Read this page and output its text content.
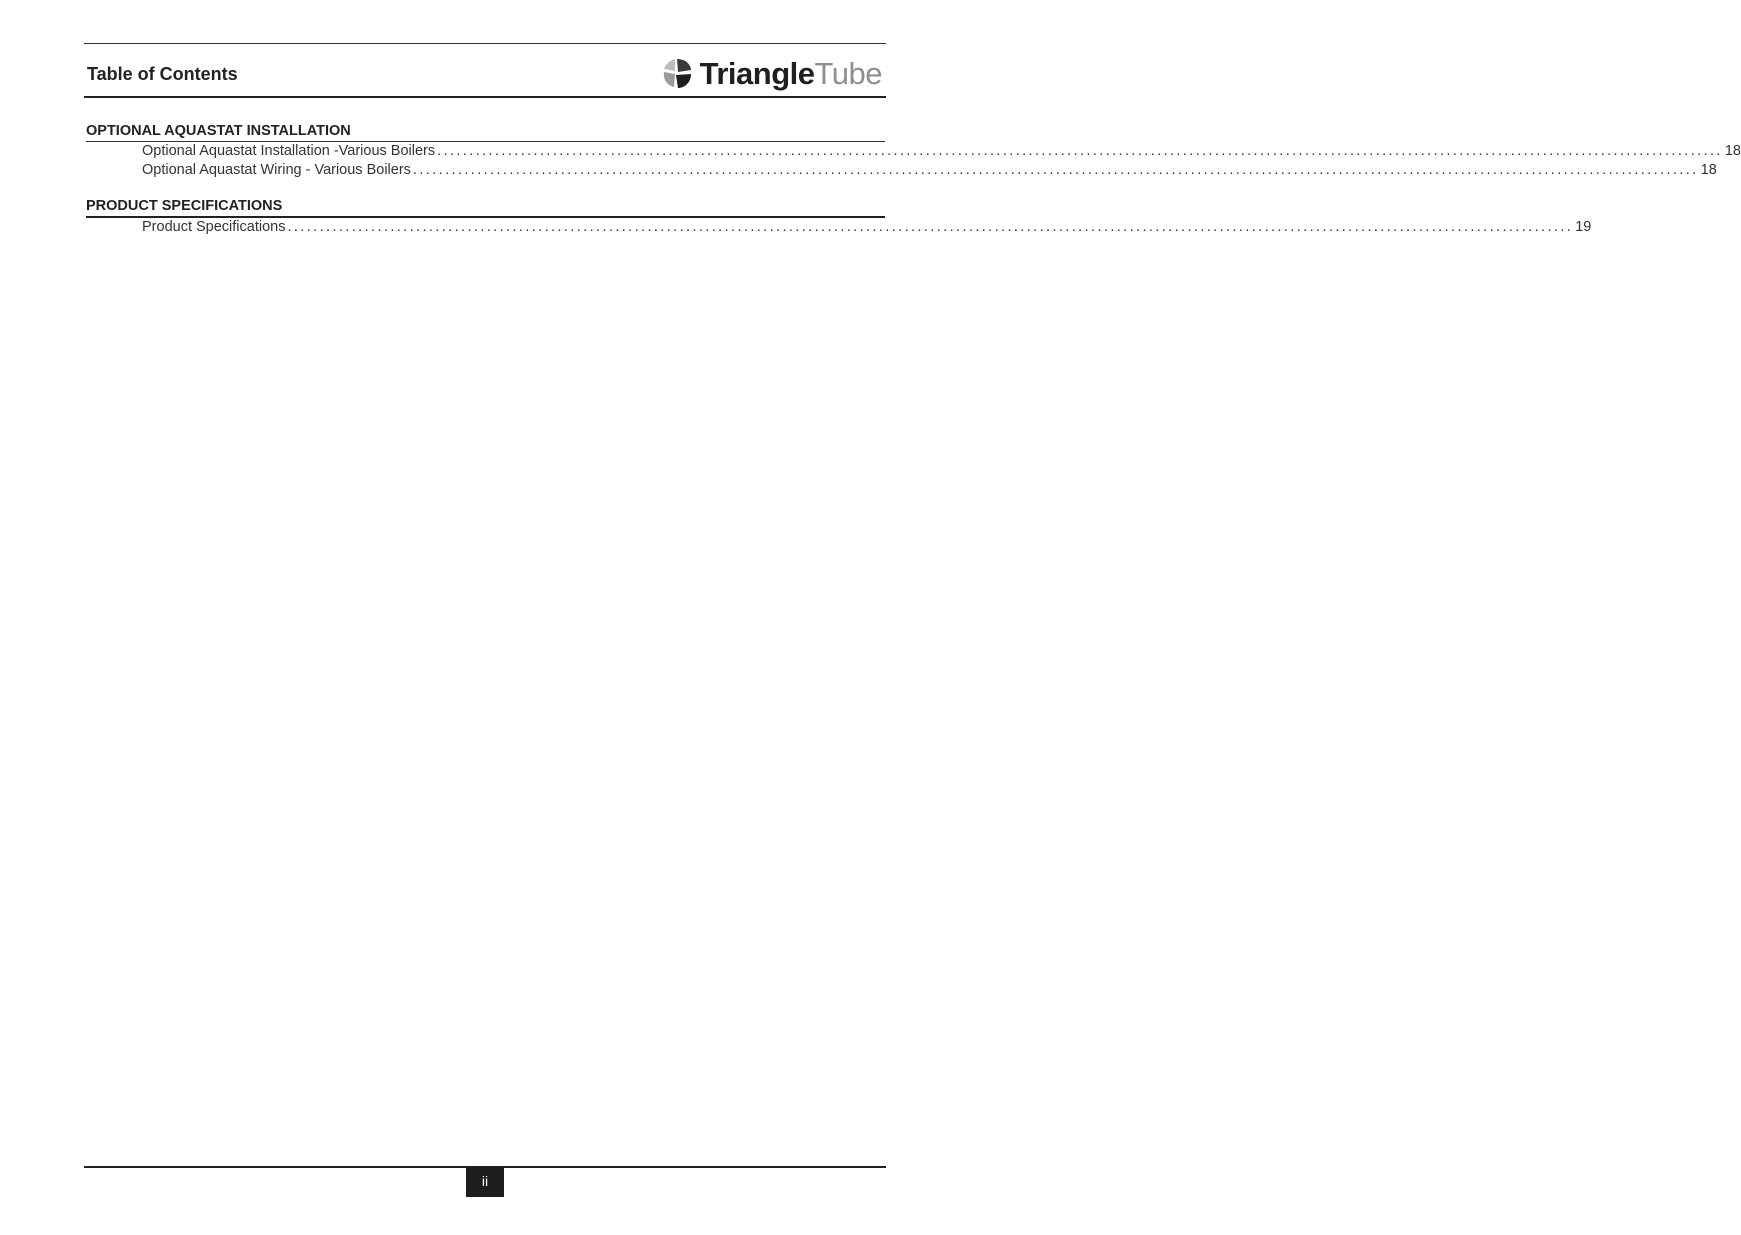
Table of Contents	TriangleTube
OPTIONAL AQUASTAT INSTALLATION
Optional Aquastat Installation -Various Boilers ........................................................................................................................................................................................................ 18
Optional Aquastat Wiring - Various Boilers ........................................................................................................................................................................................................ 18
PRODUCT SPECIFICATIONS
Product Specifications ........................................................................................................................................................................................................ 19
ii
